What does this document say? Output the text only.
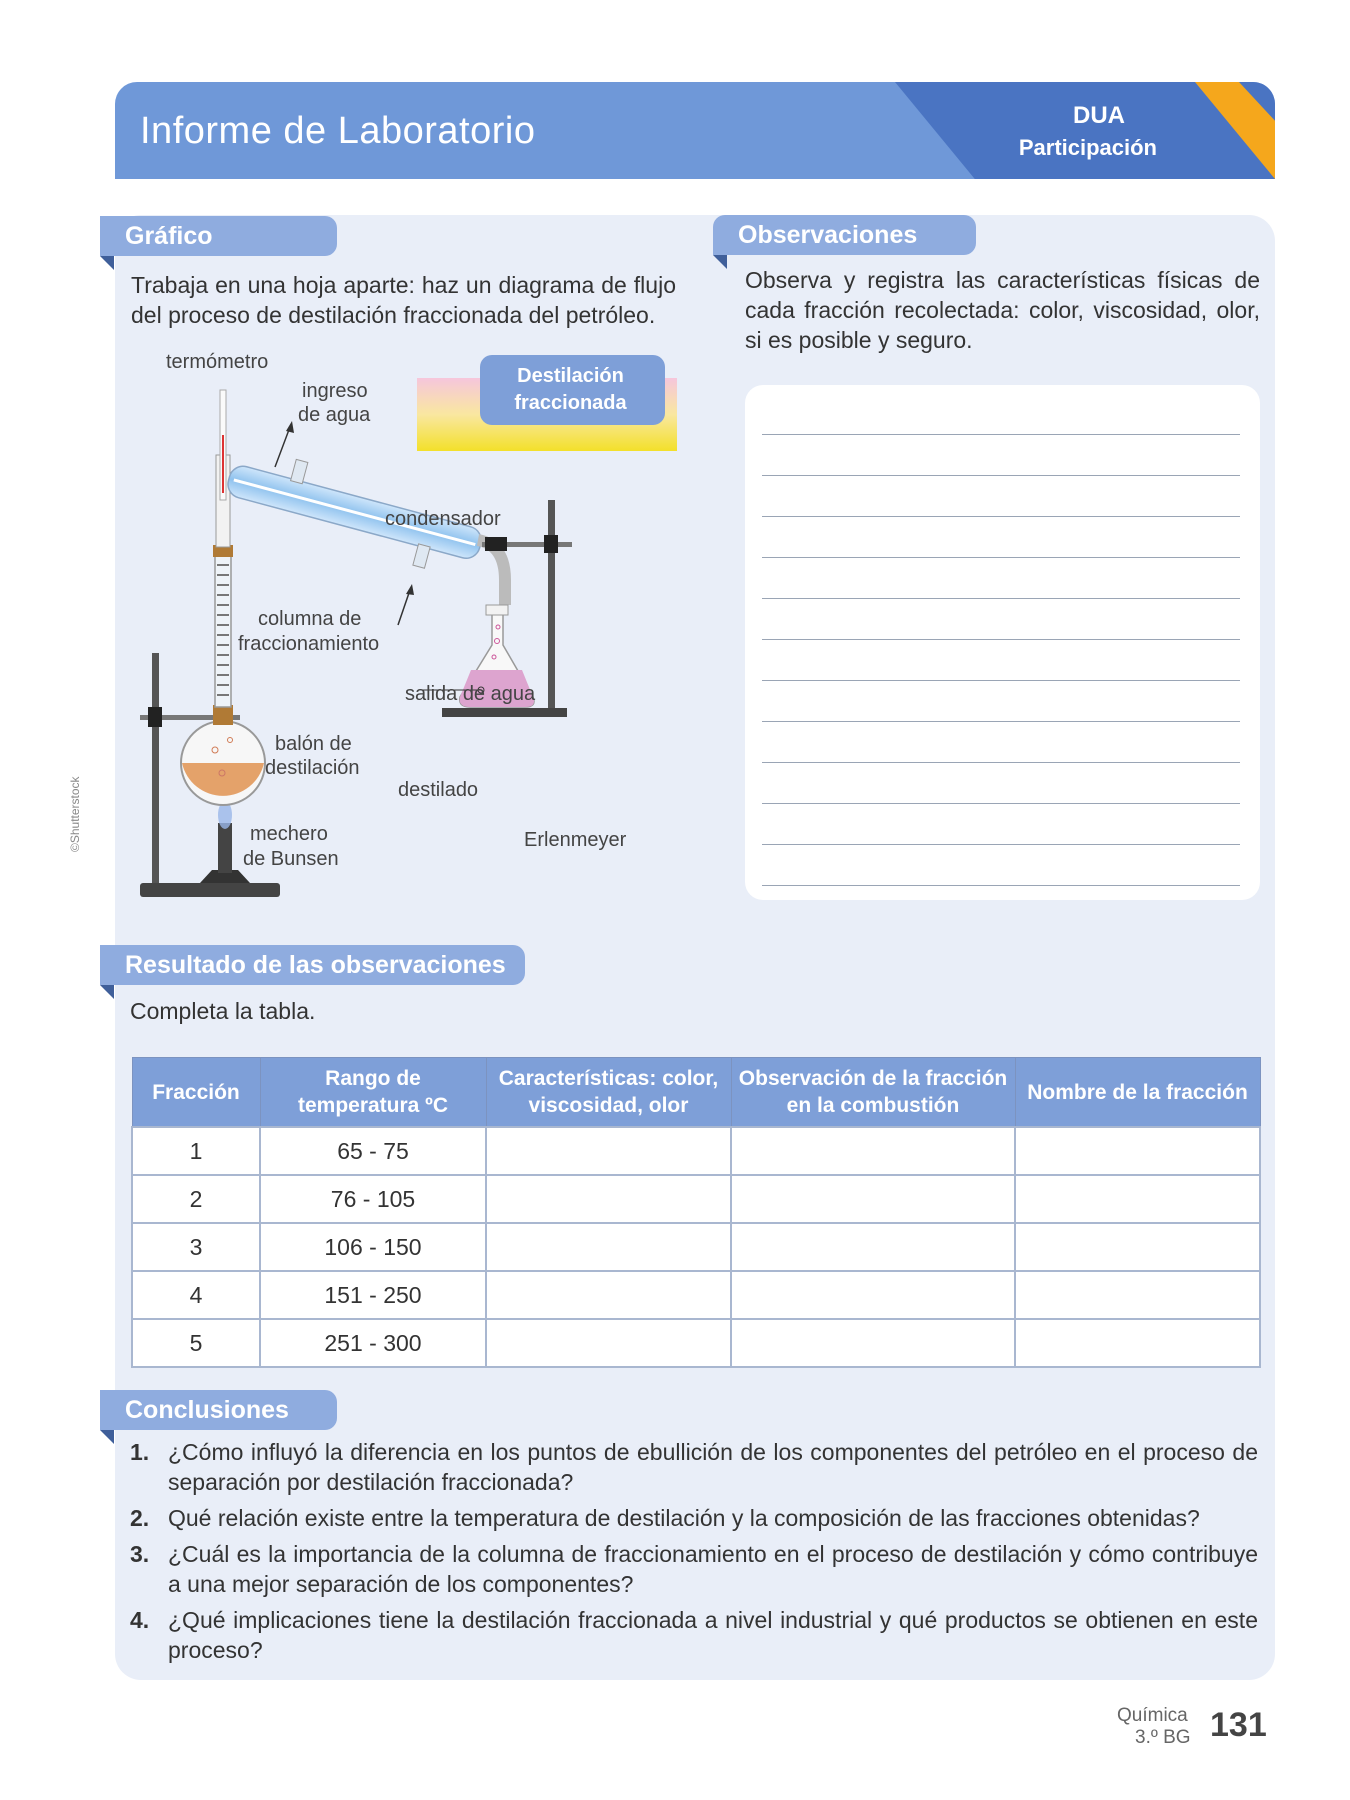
Informe de Laboratorio	DUA
Participación
Gráfico
Trabaja en una hoja aparte: haz un diagrama de flujo del proceso de destilación fraccionada del petróleo.
Observaciones
Observa y registra las características físicas de cada fracción recolectada: color, viscosidad, olor, si es posible y seguro.
Destilación fraccionada
termómetro
ingreso
de agua
condensador
columna de
fraccionamiento
salida de agua
balón de
destilación
destilado
mechero
de Bunsen
Erlenmeyer
©Shutterstock
Resultado de las observaciones
Completa la tabla.
Fracción	Rango de temperatura ºC	Características: color, viscosidad, olor	Observación de la fracción en la combustión	Nombre de la fracción
1	65 - 75			
2	76 - 105			
3	106 - 150			
4	151 - 250			
5	251 - 300			
Conclusiones
1. ¿Cómo influyó la diferencia en los puntos de ebullición de los componentes del petróleo en el proceso de separación por destilación fraccionada?
2. Qué relación existe entre la temperatura de destilación y la composición de las fracciones obtenidas?
3. ¿Cuál es la importancia de la columna de fraccionamiento en el proceso de destilación y cómo contribuye a una mejor separación de los componentes?
4. ¿Qué implicaciones tiene la destilación fraccionada a nivel industrial y qué productos se obtienen en este proceso?
Química
3.º BG 131
